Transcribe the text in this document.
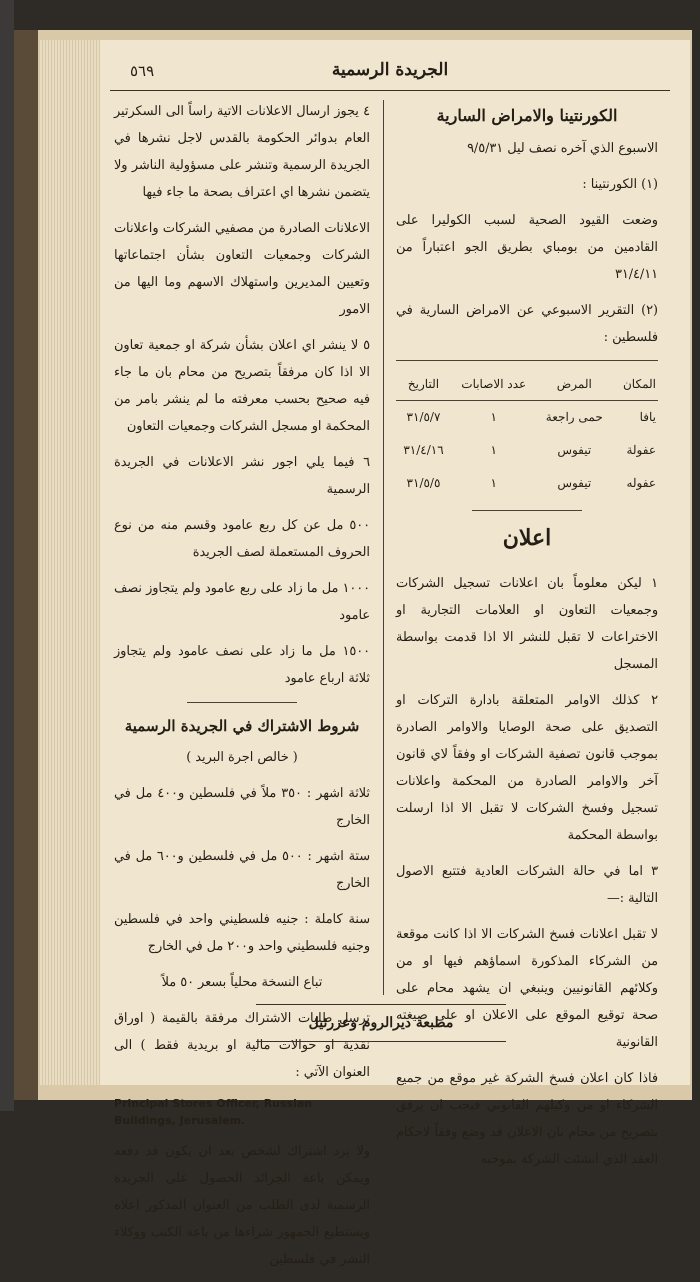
٥٦٩	الجريدة الرسمية
الكورنتينا والامراض السارية

الاسبوع الذي آخره نصف ليل ٩/٥/٣١

(١) الكورنتينا :

وضعت القيود الصحية لسبب الكوليرا على القادمين من بومباي بطريق الجو اعتباراً من ٣١/٤/١١

(٢) التقرير الاسبوعي عن الامراض السارية في فلسطين :

المكان	المرض	عدد الاصابات	التاريخ
يافا	حمى راجعة	١	٣١/٥/٧
عفولة	تيفوس	١	٣١/٤/١٦
عفوله	تيفوس	١	٣١/٥/٥
اعلان

١ ليكن معلوماً بان اعلانات تسجيل الشركات وجمعيات التعاون او العلامات التجارية او الاختراعات لا تقبل للنشر الا اذا قدمت بواسطة المسجل

٢ كذلك الاوامر المتعلقة بادارة التركات او التصديق على صحة الوصايا والاوامر الصادرة بموجب قانون تصفية الشركات او وفقاً لاي قانون آخر والاوامر الصادرة من المحكمة واعلانات تسجيل وفسخ الشركات لا تقبل الا اذا ارسلت بواسطة المحكمة

٣ اما في حالة الشركات العادية فتتبع الاصول التالية :—

لا تقبل اعلانات فسخ الشركات الا اذا كانت موقعة من الشركاء المذكورة اسماؤهم فيها او من وكلائهم القانونيين وينبغي ان يشهد محام على صحة توقيع الموقع على الاعلان او على صيغته القانونية

فاذا كان اعلان فسخ الشركة غير موقع من جميع الشركاء او من وكيلهم القانوني فيجب ان يرفق بتصريح من محام بان الاعلان قد وضع وفقاً لاحكام العقد الذي انشئت الشركة بموجبه

٤ يجوز ارسال الاعلانات الاتية راساً الى السكرتير العام بدوائر الحكومة بالقدس لاجل نشرها في الجريدة الرسمية وتنشر على مسؤولية الناشر ولا يتضمن نشرها اي اعتراف بصحة ما جاء فيها

الاعلانات الصادرة من مصفيي الشركات واعلانات الشركات وجمعيات التعاون بشأن اجتماعاتها وتعيين المديرين واستهلاك الاسهم وما اليها من الامور

٥ لا ينشر اي اعلان بشأن شركة او جمعية تعاون الا اذا كان مرفقاً بتصريح من محام بان ما جاء فيه صحيح بحسب معرفته ما لم ينشر بامر من المحكمة او مسجل الشركات وجمعيات التعاون

٦ فيما يلي اجور نشر الاعلانات في الجريدة الرسمية

٥٠٠ مل عن كل ربع عامود وقسم منه من نوع الحروف المستعملة لصف الجريدة

١٠٠٠ مل ما زاد على ربع عامود ولم يتجاوز نصف عامود

١٥٠٠ مل ما زاد على نصف عامود ولم يتجاوز ثلاثة ارباع عامود

شروط الاشتراك في الجريدة الرسمية

( خالص اجرة البريد )

ثلاثة اشهر : ٣٥٠ ملاً في فلسطين و٤٠٠ مل في الخارج

ستة اشهر : ٥٠٠ مل في فلسطين و٦٠٠ مل في الخارج

سنة كاملة : جنيه فلسطيني واحد في فلسطين وجنيه فلسطيني واحد و٢٠٠ مل في الخارج

تباع النسخة محلياً بسعر ٥٠ ملاً

ترسل طلبات الاشتراك مرفقة بالقيمة ( اوراق نقدية او حوالات مالية او بريدية فقط ) الى العنوان الآتي :

Principal Stores Officer, Russian Buildings, Jerusalem.

ولا يرد اشتراك لشخص بعد ان يكون قد دفعه ويمكن باعة الجرائد الحصول على الجريدة الرسمية لدى الطلب من العنوان المذكور اعلاه ويستطيع الجمهور شراءها من باعة الكتب ووكلاء النشر في فلسطين

مطبعة ديرالروم وعزرئيل
